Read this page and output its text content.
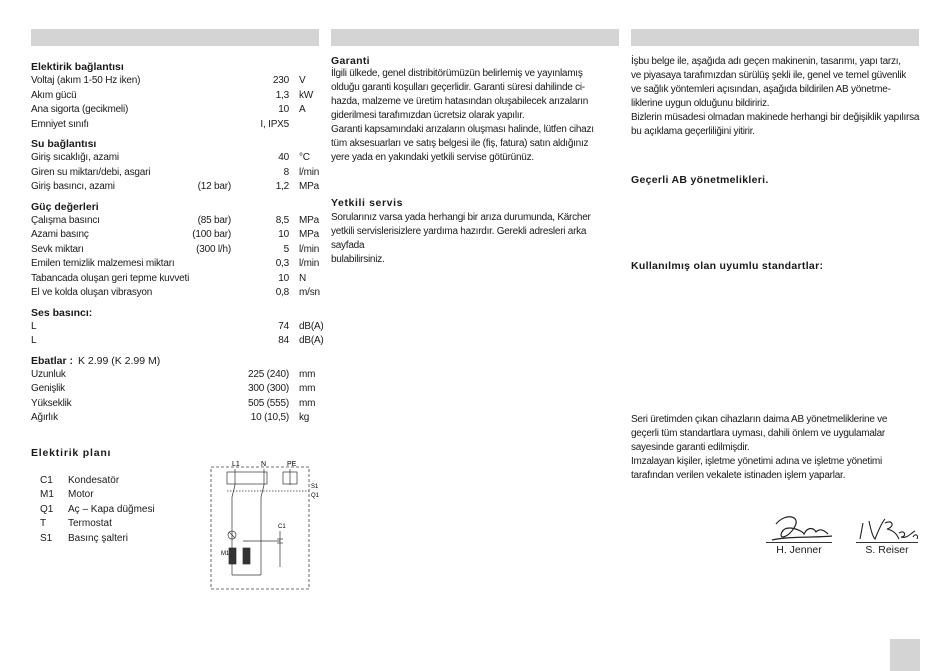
Elektirik bağlantısı
Voltaj (akım 1-50 Hz iken)	230	V
Akım gücü	1,3	kW
Ana sigorta (gecikmeli)	10	A
Emniyet sınıfı	I, IPX5
Su bağlantısı
Giriş sıcaklığı, azami	40	°C
Giren su miktarı/debi, asgari	8	l/min
Giriş basıncı, azami	(12 bar)	1,2	MPa
Güç değerleri
Çalışma basıncı	(85 bar)	8,5	MPa
Azami basınç	(100 bar)	10	MPa
Sevk miktarı	(300 l/h)	5	l/min
Emilen temizlik malzemesi miktarı	0,3	l/min
Tabancada oluşan geri tepme kuvveti	10	N
El ve kolda oluşan vibrasyon	0,8	m/sn
Ses basıncı:
L	74	dB(A)
L	84	dB(A)
Ebatlar : K 2.99 (K 2.99 M)
Uzunluk	225 (240)	mm
Genişlik	300 (300)	mm
Yükseklik	505 (555)	mm
Ağırlık	10 (10,5)	kg
Elektirik planı
C1	Kondesatör
M1	Motor
Q1	Aç – Kapa düğmesi
T	Termostat
S1	Basınç şalteri
L1	N	PE
S1
Q1
M1
C1
Garanti
İlgili ülkede, genel distribitörümüzün belirlemiş ve yayınlamış
olduğu garanti koşulları geçerlidir. Garanti süresi dahilinde ci-
hazda, malzeme ve üretim hatasından oluşabilecek arızaların
giderilmesi tarafımızdan ücretsiz olarak yapılır.
Garanti kapsamındaki arızaların oluşması halinde, lütfen cihazı
tüm aksesuarları ve satış belgesi ile (fiş, fatura) satın aldığınız
yere yada en yakındaki yetkili servise götürünüz.
Yetkili servis
Sorularınız varsa yada herhangi bir arıza durumunda, Kärcher
yetkili servislerisizlere yardıma hazırdır. Gerekli adresleri arka sayfada
bulabilirsiniz.
İşbu belge ile, aşağıda adı geçen makinenin, tasarımı, yapı tarzı,
ve piyasaya tarafımızdan sürülüş şekli ile, genel ve temel güvenlik
ve sağlık yöntemleri açısından, aşağıda bildirilen AB yönetme-
liklerine uygun olduğunu bildiririz.
Bizlerin müsadesi olmadan makinede herhangi bir değişiklik yapılırsa
bu açıklama geçerliliğini yitirir.
Geçerli AB yönetmelikleri.
Kullanılmış olan uyumlu standartlar:
Seri üretimden çıkan cihazların daima AB yönetmeliklerine ve
geçerli tüm standartlara uyması, dahili önlem ve uygulamalar
sayesinde garanti edilmişdir.
Imzalayan kişiler, işletme yönetimi adına ve işletme yönetimi
tarafından verilen vekalete istinaden işlem yaparlar.
H. Jenner	S. Reiser
